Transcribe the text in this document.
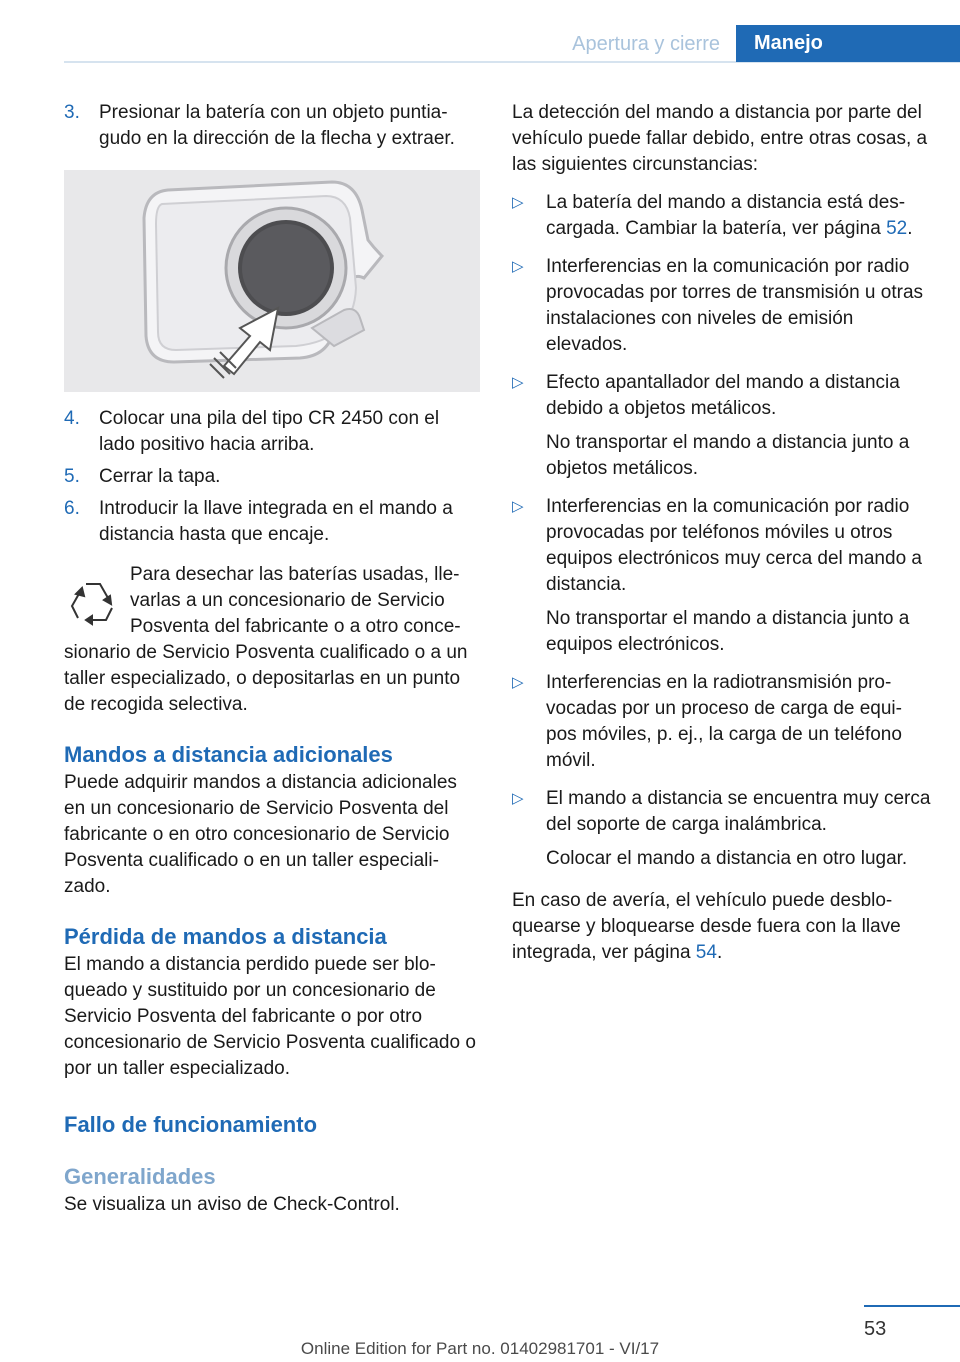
Apertura y cierre	Manejo
3. Presionar la batería con un objeto puntia-gudo en la dirección de la flecha y extraer.
4. Colocar una pila del tipo CR 2450 con el lado positivo hacia arriba.
5. Cerrar la tapa.
6. Introducir la llave integrada en el mando a distancia hasta que encaje.

Para desechar las baterías usadas, lle-varlas a un concesionario de Servicio Posventa del fabricante o a otro conce-sionario de Servicio Posventa cualificado o a un taller especializado, o depositarlas en un punto de recogida selectiva.

Mandos a distancia adicionales

Puede adquirir mandos a distancia adicionales en un concesionario de Servicio Posventa del fabricante o en otro concesionario de Servicio Posventa cualificado o en un taller especiali-zado.

Pérdida de mandos a distancia

El mando a distancia perdido puede ser blo-queado y sustituido por un concesionario de Servicio Posventa del fabricante o por otro concesionario de Servicio Posventa cualificado o por un taller especializado.

Fallo de funcionamiento
Generalidades

Se visualiza un aviso de Check-Control.

La detección del mando a distancia por parte del vehículo puede fallar debido, entre otras cosas, a las siguientes circunstancias:

▷ La batería del mando a distancia está des-cargada. Cambiar la batería, ver página 52.
▷ Interferencias en la comunicación por radio provocadas por torres de transmisión u otras instalaciones con niveles de emisión elevados.
▷ Efecto apantallador del mando a distancia debido a objetos metálicos.

No transportar el mando a distancia junto a objetos metálicos.

▷ Interferencias en la comunicación por radio provocadas por teléfonos móviles u otros equipos electrónicos muy cerca del mando a distancia.

No transportar el mando a distancia junto a equipos electrónicos.

▷ Interferencias en la radiotransmisión pro-vocadas por un proceso de carga de equi-pos móviles, p. ej., la carga de un teléfono móvil.
▷ El mando a distancia se encuentra muy cerca del soporte de carga inalámbrica.

Colocar el mando a distancia en otro lugar.

En caso de avería, el vehículo puede desblo-quearse y bloquearse desde fuera con la llave integrada, ver página 54.

53
Online Edition for Part no. 01402981701 - VI/17
